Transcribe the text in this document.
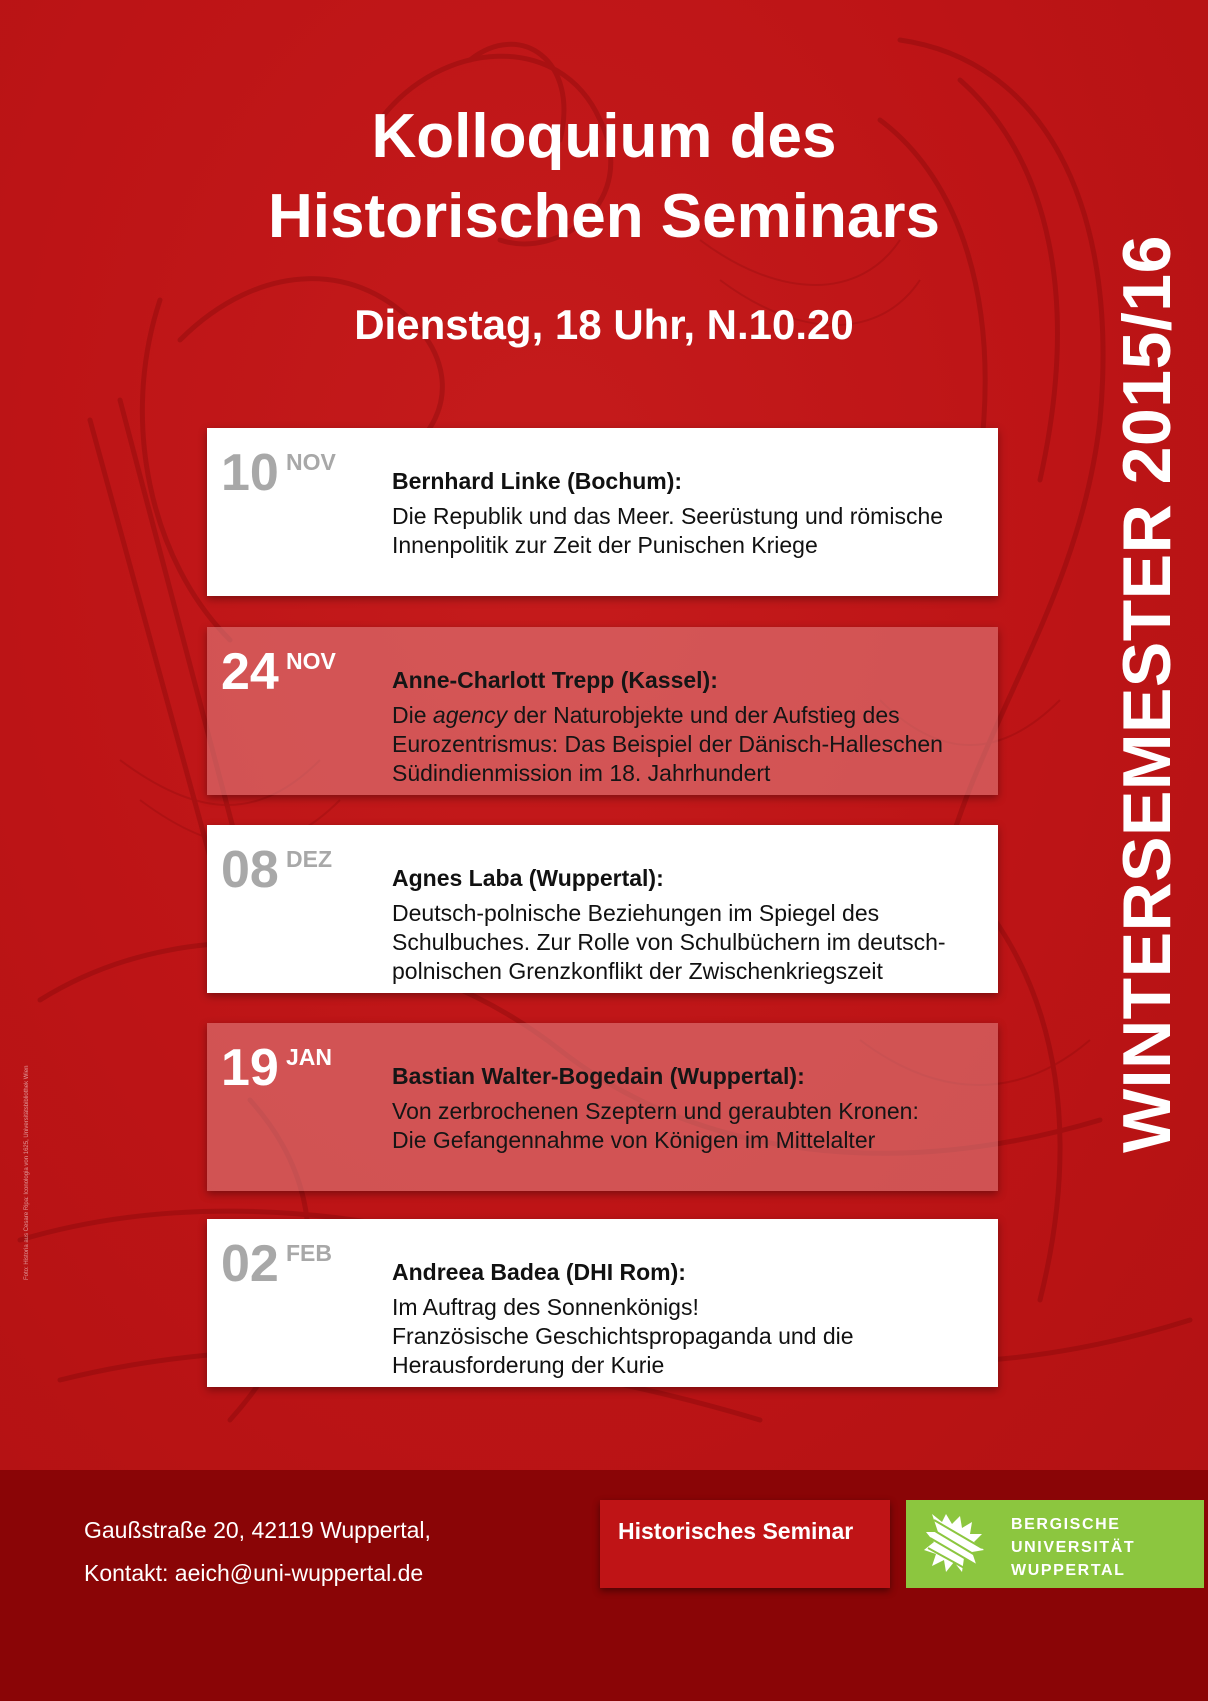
Kolloquium des
Historischen Seminars
Dienstag, 18 Uhr, N.10.20	WINTERSEMESTER 2015/16
Foto: Historia aus Cesare Ripa: Iconologia von 1625, Universitätsbibliothek Wien
10 NOV
Bernhard Linke (Bochum):
Die Republik und das Meer. Seerüstung und römische
Innenpolitik zur Zeit der Punischen Kriege
24 NOV
Anne-Charlott Trepp (Kassel):
Die agency der Naturobjekte und der Aufstieg des
Eurozentrismus: Das Beispiel der Dänisch-Halleschen
Südindienmission im 18. Jahrhundert
08 DEZ
Agnes Laba (Wuppertal):
Deutsch-polnische Beziehungen im Spiegel des
Schulbuches. Zur Rolle von Schulbüchern im deutsch-
polnischen Grenzkonflikt der Zwischenkriegszeit
19 JAN
Bastian Walter-Bogedain (Wuppertal):
Von zerbrochenen Szeptern und geraubten Kronen:
Die Gefangennahme von Königen im Mittelalter
02 FEB
Andreea Badea (DHI Rom):
Im Auftrag des Sonnenkönigs!
Französische Geschichtspropaganda und die
Herausforderung der Kurie
Gaußstraße 20, 42119 Wuppertal,
Kontakt: aeich@uni-wuppertal.de
Historisches Seminar	BERGISCHE
UNIVERSITÄT
WUPPERTAL
